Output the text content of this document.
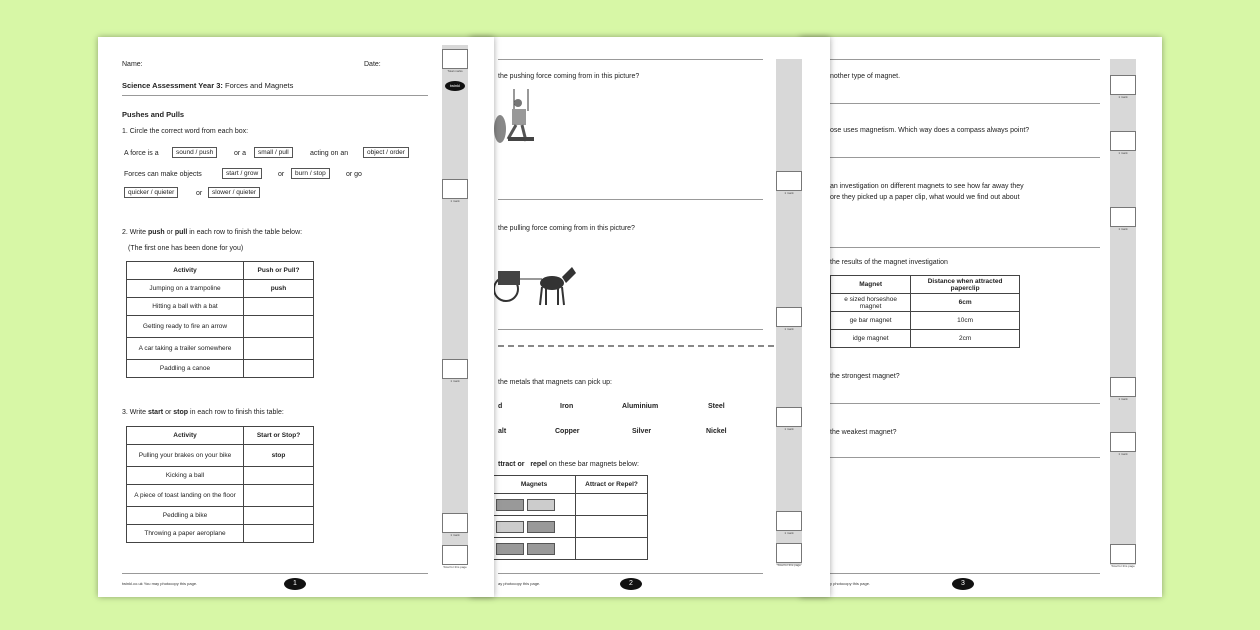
1 mark
1 mark
1 mark
1 mark
1 mark
Total for this page
nother type of magnet.
ose uses magnetism. Which way does a compass always point?
an investigation on different magnets to see how far away they
ore they picked up a paper clip, what would we find out about
the results of the magnet investigation
Magnet	Distance when attracted paperclip
e sized horseshoe magnet	6cm
ge bar magnet	10cm
idge magnet	2cm
the strongest magnet?
the weakest magnet?
y photocopy this page.	3
1 mark
1 mark
1 mark
1 mark
Total for this page
the pushing force coming from in this picture?
the pulling force coming from in this picture?
the metals that magnets can pick up:
d	Iron	Aluminium	Steel
alt	Copper	Silver	Nickel
ttract or repel on these bar magnets below:
Magnets	Attract or Repel?

ay photocopy this page.	2
Total marks
1 mark
1 mark
1 mark
Total for this page
twinkl
Name:	Date:
Science Assessment Year 3: Forces and Magnets
Pushes and Pulls
1. Circle the correct word from each box:
A force is a	sound / push	or a	small / pull	acting on an	object / order
Forces can make objects	start / grow	or	burn / stop	or go
quicker / quieter	or	slower / quieter
2. Write push or pull in each row to finish the table below:
(The first one has been done for you)
Activity	Push or Pull?
Jumping on a trampoline	push
Hitting a ball with a bat	
Getting ready to fire an arrow	
A car taking a trailer somewhere	
Paddling a canoe	
3. Write start or stop in each row to finish this table:
Activity	Start or Stop?
Pulling your brakes on your bike	stop
Kicking a ball	
A piece of toast landing on the floor	
Peddling a bike	
Throwing a paper aeroplane	
twinkl.co.uk You may photocopy this page.	1
